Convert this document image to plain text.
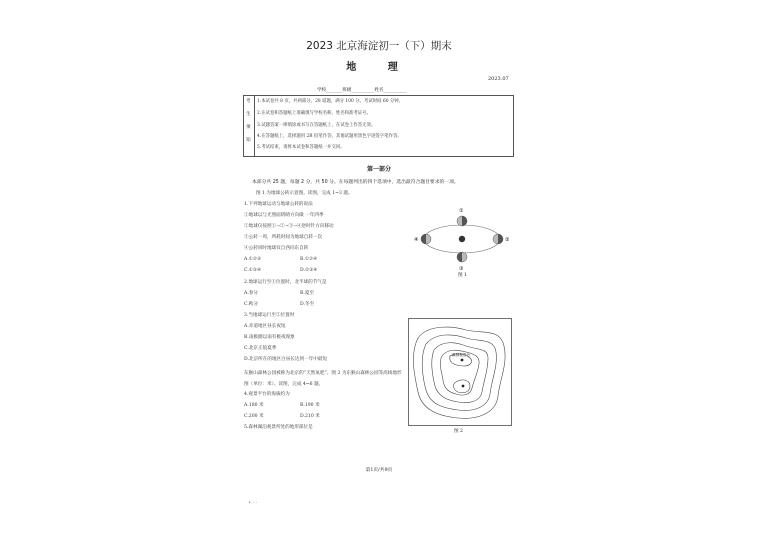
2023 北京海淀初一（下）期末
地 理
2023.07
学校_______班级__________姓名__________
考
生
须
知
1.本试卷共 8 页，共两部分，28 道题，满分 100 分。考试时间 60 分钟。
2.在试卷和答题纸上准确填写学校名称、姓名和准考证号。
3.试题答案一律填涂或书写在答题纸上，在试卷上作答无效。
4.在答题纸上，选择题用 2B 铅笔作答，其他试题用黑色字迹签字笔作答。
5.考试结束，请将本试卷和答题纸一并交回。
第一部分
本部分共 25 题，每题 2 分，共 50 分。在每题列出的四个选项中，选出最符合题目要求的一项。
图 1 为地球公转示意图。读图，完成 1~3 题。
1.下列地球运动与地球公转的说法
①地球以与光照面阴晴方向做 一年四季
②地球仅按照①→②→③→④逆时针方向移动
③公转一周，所耗时间为地球自转一次
④公转同时地球仅自西向东自转
A.①②③	B.①②④
C.①③④	D.②③④
2.地球运行至①位置时，北半球的节气是
A.春分	B.夏至
C.秋分	D.冬至
3.当地球运行至②位置时
A.赤道地区昼长夜短
B.南极圈以南有极夜现象
C.北京正值夏季
D.北京所在的地区白昼长达到一年中最短
东猴山森林公园被称为北京的“天然氧吧”。图 2 为东猴山森林公园等高线地形图（单位：米）。读图，完成 4~6 题。
4.观景平台的海拔约为
A.180 米	B.190 米
C.200 米	D.210 米
5.森林湖泊观景所处的地形部位是
①
②
③
④
图 1
森林观景台
图 2
第1页/共9页
• ‧ ‧
